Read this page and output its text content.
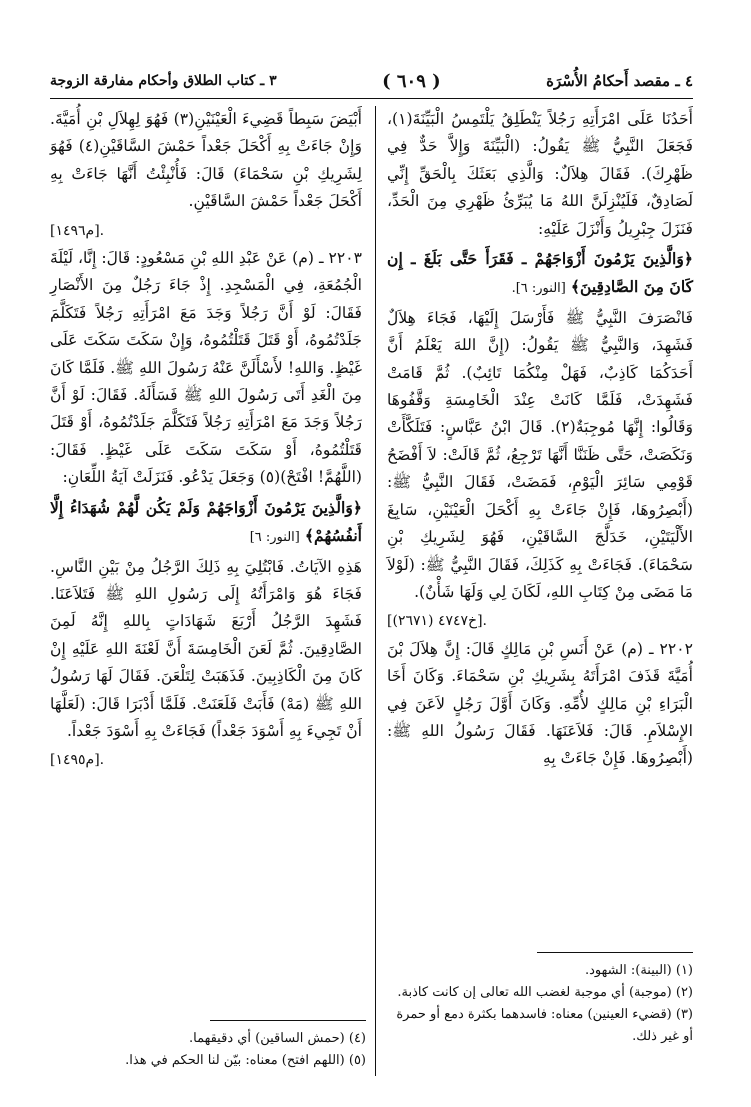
٤ ـ مقصد أَحكامُ الأُسْرَة
( ٦٠٩ )
٣ ـ كتاب الطلاق وأحكام مفارقة الزوجة

أَحَدُنَا عَلَى امْرَأَتِهِ رَجُلاً يَنْطَلِقُ يَلْتَمِسُ الْبَيِّنَةَ(١)، فَجَعَلَ النَّبِيُّ ﷺ يَقُولُ: (الْبَيِّنَةَ وَإِلاَّ حَدٌّ فِي ظَهْرِكَ). فَقَالَ هِلاَلٌ: وَالَّذِي بَعَثَكَ بِالْحَقِّ إِنِّي لَصَادِقٌ، فَلَيُنْزِلَنَّ اللهُ مَا يُبَرِّئُ ظَهْرِي مِنَ الْحَدِّ، فَنَزَلَ جِبْرِيلُ وَأَنْزَلَ عَلَيْهِ:

﴿وَالَّذِينَ يَرْمُونَ أَزْوَاجَهُمْ ـ فَقَرَأَ حَتَّى بَلَغَ ـ إِن كَانَ مِنَ الصَّادِقِينَ﴾ [النور: ٦].

فَانْصَرَفَ النَّبِيُّ ﷺ فَأَرْسَلَ إِلَيْهَا، فَجَاءَ هِلاَلٌ فَشَهِدَ، وَالنَّبِيُّ ﷺ يَقُولُ: (إِنَّ اللهَ يَعْلَمُ أَنَّ أَحَدَكُمَا كَاذِبٌ، فَهَلْ مِنْكُمَا تَائِبٌ). ثُمَّ قَامَتْ فَشَهِدَتْ، فَلَمَّا كَانَتْ عِنْدَ الْخَامِسَةِ وَقَّفُوهَا وَقَالُوا: إِنَّهَا مُوجِبَةٌ(٢). قَالَ ابْنُ عَبَّاسٍ: فَتَلَكَّأَتْ وَنَكَصَتْ، حَتَّى ظَنَنَّا أَنَّهَا تَرْجِعُ، ثُمَّ قَالَتْ: لاَ أَفْضَحُ قَوْمِي سَائِرَ الْيَوْمِ، فَمَضَتْ، فَقَالَ النَّبِيُّ ﷺ: (أَبْصِرُوهَا، فَإِنْ جَاءَتْ بِهِ أَكْحَلَ الْعَيْنَيْنِ، سَابِغَ الأَلْيَتَيْنِ، خَدَلَّجَ السَّاقَيْنِ، فَهُوَ لِشَرِيكِ بْنِ سَحْمَاءَ). فَجَاءَتْ بِهِ كَذَلِكَ، فَقَالَ النَّبِيُّ ﷺ: (لَوْلاَ مَا مَضَى مِنْ كِتَابِ اللهِ، لَكَانَ لِي وَلَهَا شَأْنٌ).

[خ٤٧٤٧ (٢٦٧١)].

٢٢٠٢ ـ (م) عَنْ أَنَسِ بْنِ مَالِكٍ قَالَ: إِنَّ هِلاَلَ بْنَ أُمَيَّةَ قَذَفَ امْرَأَتَهُ بِشَرِيكِ بْنِ سَحْمَاءَ. وَكَانَ أَخَا الْبَرَاءِ بْنِ مَالِكٍ لأُمِّهِ. وَكَانَ أَوَّلَ رَجُلٍ لاَعَنَ فِي الإِسْلاَمِ. قَالَ: فَلاَعَنَهَا. فَقَالَ رَسُولُ اللهِ ﷺ: (أَبْصِرُوهَا. فَإِنْ جَاءَتْ بِهِ

(١) (البينة): الشهود.

(٢) (موجبة) أي موجبة لغضب الله تعالى إن كانت كاذبة.

(٣) (قضيء العينين) معناه: فاسدهما بكثرة دمع أو حمرة أو غير ذلك.

أَبْيَضَ سَبِطاً قَضِيءَ الْعَيْنَيْنِ(٣) فَهُوَ لِهِلاَلِ بْنِ أُمَيَّةَ. وَإِنْ جَاءَتْ بِهِ أَكْحَلَ جَعْداً حَمْشَ السَّاقَيْنِ(٤) فَهُوَ لِشَرِيكِ بْنِ سَحْمَاءَ) قَالَ: فَأُنْبِئْتُ أَنَّهَا جَاءَتْ بِهِ أَكْحَلَ جَعْداً حَمْشَ السَّاقَيْنِ.

[م١٤٩٦].

٢٢٠٣ ـ (م) عَنْ عَبْدِ اللهِ بْنِ مَسْعُودٍ: قَالَ: إِنَّا، لَيْلَةَ الْجُمُعَةِ، فِي الْمَسْجِدِ. إِذْ جَاءَ رَجُلٌ مِنَ الأَنْصَارِ فَقَالَ: لَوْ أَنَّ رَجُلاً وَجَدَ مَعَ امْرَأَتِهِ رَجُلاً فَتَكَلَّمَ جَلَدْتُمُوهُ، أَوْ قَتَلَ قَتَلْتُمُوهُ، وَإِنْ سَكَتَ سَكَتَ عَلَى غَيْظٍ. وَاللهِ! لأَسْأَلَنَّ عَنْهُ رَسُولَ اللهِ ﷺ. فَلَمَّا كَانَ مِنَ الْغَدِ أَتَى رَسُولَ اللهِ ﷺ فَسَأَلَهُ. فَقَالَ: لَوْ أَنَّ رَجُلاً وَجَدَ مَعَ امْرَأَتِهِ رَجُلاً فَتَكَلَّمَ جَلَدْتُمُوهُ، أَوْ قَتَلَ قَتَلْتُمُوهُ، أَوْ سَكَتَ سَكَتَ عَلَى غَيْظٍ. فَقَالَ: (اللَّهُمَّ! افْتَحْ)(٥) وَجَعَلَ يَدْعُو. فَنَزَلَتْ آيَةُ اللِّعَانِ:

﴿وَالَّذِينَ يَرْمُونَ أَزْوَاجَهُمْ وَلَمْ يَكُن لَّهُمْ شُهَدَاءُ إِلَّا أَنفُسُهُمْ﴾ [النور: ٦]

هَذِهِ الآيَاتُ. فَابْتُلِيَ بِهِ ذَلِكَ الرَّجُلُ مِنْ بَيْنِ النَّاسِ. فَجَاءَ هُوَ وَامْرَأَتُهُ إِلَى رَسُولِ اللهِ ﷺ فَتَلاَعَنَا. فَشَهِدَ الرَّجُلُ أَرْبَعَ شَهَادَاتٍ بِاللهِ إِنَّهُ لَمِنَ الصَّادِقِينَ. ثُمَّ لَعَنَ الْخَامِسَةَ أَنَّ لَعْنَةَ اللهِ عَلَيْهِ إِنْ كَانَ مِنَ الْكَاذِبِينَ. فَذَهَبَتْ لِتَلْعَنَ. فَقَالَ لَهَا رَسُولُ اللهِ ﷺ (مَهْ) فَأَبَتْ فَلَعَنَتْ. فَلَمَّا أَدْبَرَا قَالَ: (لَعَلَّهَا أَنْ تَجِيءَ بِهِ أَسْوَدَ جَعْداً) فَجَاءَتْ بِهِ أَسْوَدَ جَعْداً.

[م١٤٩٥].

(٤) (حمش الساقين) أي دقيقهما.

(٥) (اللهم افتح) معناه: بيّن لنا الحكم في هذا.
